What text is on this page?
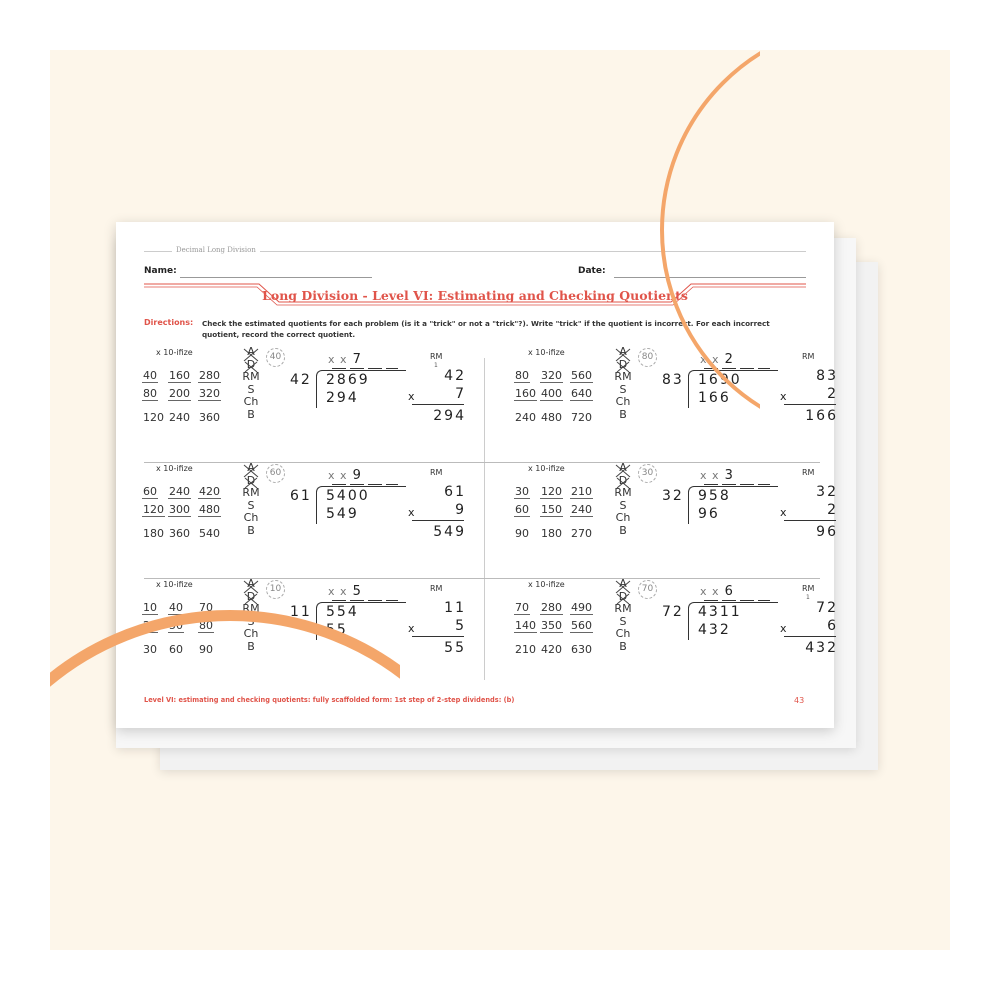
Decimal Long Division
Name:	Date:
Long Division - Level VI: Estimating and Checking Quotients
Directions: Check the estimated quotients for each problem (is it a "trick" or not a "trick"?). Write "trick" if the quotient is incorrect. For each incorrect quotient, record the correct quotient.
x 10-ifize
40 160 280
80 200 320
120 240 360
A
D
RM
S
Ch
B
40	x x 7
42 2869
294
RM
1
42
x	7
294
x 10-ifize
80 320 560
160 400 640
240 480 720
A
D
RM
S
Ch
B
80	x x 2
83 1690
166
RM
83
x	2
166
x 10-ifize
60 240 420
120 300 480
180 360 540
A
D
RM
S
Ch
B
60	x x 9
61 5400
549
RM
61
x	9
549
x 10-ifize
30 120 210
60 150 240
90 180 270
A
D
RM
S
Ch
B
30	x x 3
32 958
96
RM
32
x	2
96
x 10-ifize
10 40 70
20 50 80
30 60 90
A
D
RM
S
Ch
B
10	x x 5
11 554
55
RM
11
x	5
55
x 10-ifize
70 280 490
140 350 560
210 420 630
A
D
RM
S
Ch
B
70	x x 6
72 4311
432
RM
1
72
x	6
432
Level VI: estimating and checking quotients: fully scaffolded form: 1st step of 2-step dividends: (b)	43
